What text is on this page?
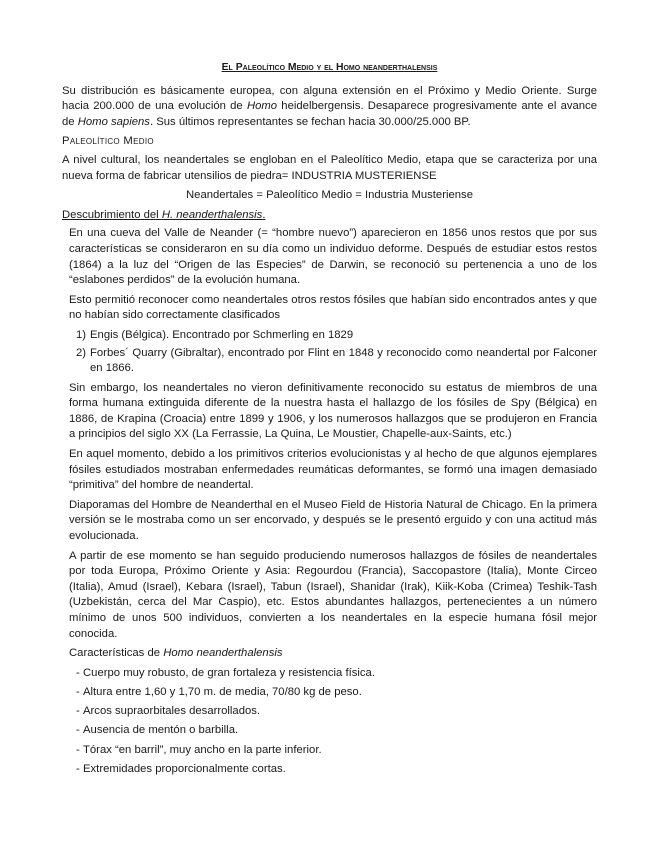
El Paleolítico Medio y el Homo neanderthalensis

Su distribución es básicamente europea, con alguna extensión en el Próximo y Medio Oriente. Surge hacia 200.000 de una evolución de Homo heidelbergensis. Desaparece progresivamente ante el avance de Homo sapiens. Sus últimos representantes se fechan hacia 30.000/25.000 BP.

Paleolítico Medio

A nivel cultural, los neandertales se engloban en el Paleolítico Medio, etapa que se caracteriza por una nueva forma de fabricar utensilios de piedra= INDUSTRIA MUSTERIENSE

Neandertales = Paleolítico Medio = Industria Musteriense

Descubrimiento del H. neanderthalensis.

En una cueva del Valle de Neander (= “hombre nuevo”) aparecieron en 1856 unos restos que por sus características se consideraron en su día como un individuo deforme. Después de estudiar estos restos (1864) a la luz del “Origen de las Especies” de Darwin, se reconoció su pertenencia a uno de los “eslabones perdidos” de la evolución humana.

Esto permitió reconocer como neandertales otros restos fósiles que habían sido encontrados antes y que no habían sido correctamente clasificados

1) Engis (Bélgica). Encontrado por Schmerling en 1829
2) Forbes´ Quarry (Gibraltar), encontrado por Flint en 1848 y reconocido como neandertal por Falconer en 1866.

Sin embargo, los neandertales no vieron definitivamente reconocido su estatus de miembros de una forma humana extinguida diferente de la nuestra hasta el hallazgo de los fósiles de Spy (Bélgica) en 1886, de Krapina (Croacia) entre 1899 y 1906, y los numerosos hallazgos que se produjeron en Francia a principios del siglo XX (La Ferrassie, La Quina, Le Moustier, Chapelle-aux-Saints, etc.)

En aquel momento, debido a los primitivos criterios evolucionistas y al hecho de que algunos ejemplares fósiles estudiados mostraban enfermedades reumáticas deformantes, se formó una imagen demasiado “primitiva” del hombre de neandertal.

Diaporamas del Hombre de Neanderthal en el Museo Field de Historia Natural de Chicago. En la primera versión se le mostraba como un ser encorvado, y después se le presentó erguido y con una actitud más evolucionada.

A partir de ese momento se han seguido produciendo numerosos hallazgos de fósiles de neandertales por toda Europa, Próximo Oriente y Asia: Regourdou (Francia), Saccopastore (Italia), Monte Circeo (Italia), Amud (Israel), Kebara (Israel), Tabun (Israel), Shanidar (Irak), Kiik-Koba (Crimea) Teshik-Tash (Uzbekistán, cerca del Mar Caspio), etc. Estos abundantes hallazgos, pertenecientes a un número mínimo de unos 500 individuos, convierten a los neandertales en la especie humana fósil mejor conocida.

Características de Homo neanderthalensis

- Cuerpo muy robusto, de gran fortaleza y resistencia física.
- Altura entre 1,60 y 1,70 m. de media, 70/80 kg de peso.
- Arcos supraorbitales desarrollados.
- Ausencia de mentón o barbilla.
- Tórax “en barril”, muy ancho en la parte inferior.
- Extremidades proporcionalmente cortas.
